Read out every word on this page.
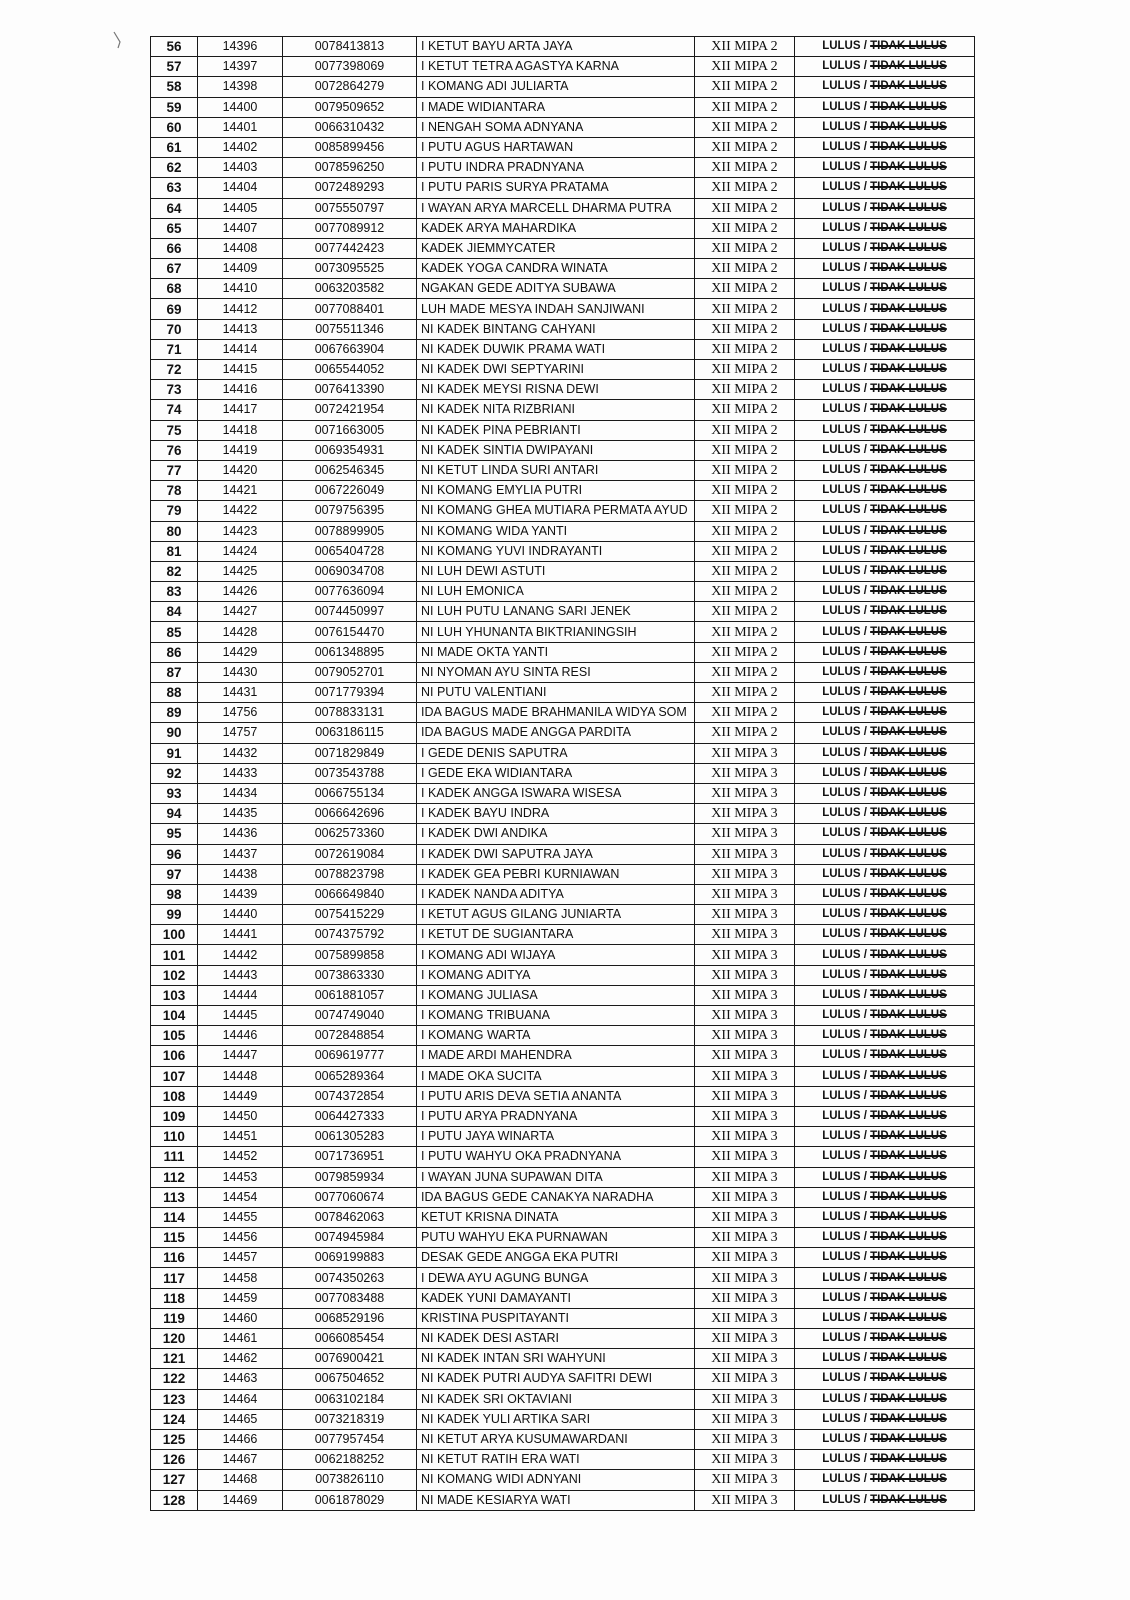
56	14396	0078413813	I KETUT BAYU ARTA JAYA	XII MIPA 2	LULUS / TIDAK LULUS
57	14397	0077398069	I KETUT TETRA AGASTYA KARNA	XII MIPA 2	LULUS / TIDAK LULUS
58	14398	0072864279	I KOMANG ADI JULIARTA	XII MIPA 2	LULUS / TIDAK LULUS
59	14400	0079509652	I MADE WIDIANTARA	XII MIPA 2	LULUS / TIDAK LULUS
60	14401	0066310432	I NENGAH SOMA ADNYANA	XII MIPA 2	LULUS / TIDAK LULUS
61	14402	0085899456	I PUTU AGUS HARTAWAN	XII MIPA 2	LULUS / TIDAK LULUS
62	14403	0078596250	I PUTU INDRA PRADNYANA	XII MIPA 2	LULUS / TIDAK LULUS
63	14404	0072489293	I PUTU PARIS SURYA PRATAMA	XII MIPA 2	LULUS / TIDAK LULUS
64	14405	0075550797	I WAYAN ARYA MARCELL DHARMA PUTRA	XII MIPA 2	LULUS / TIDAK LULUS
65	14407	0077089912	KADEK ARYA MAHARDIKA	XII MIPA 2	LULUS / TIDAK LULUS
66	14408	0077442423	KADEK JIEMMYCATER	XII MIPA 2	LULUS / TIDAK LULUS
67	14409	0073095525	KADEK YOGA CANDRA WINATA	XII MIPA 2	LULUS / TIDAK LULUS
68	14410	0063203582	NGAKAN GEDE ADITYA SUBAWA	XII MIPA 2	LULUS / TIDAK LULUS
69	14412	0077088401	LUH MADE MESYA INDAH SANJIWANI	XII MIPA 2	LULUS / TIDAK LULUS
70	14413	0075511346	NI KADEK BINTANG CAHYANI	XII MIPA 2	LULUS / TIDAK LULUS
71	14414	0067663904	NI KADEK DUWIK PRAMA WATI	XII MIPA 2	LULUS / TIDAK LULUS
72	14415	0065544052	NI KADEK DWI SEPTYARINI	XII MIPA 2	LULUS / TIDAK LULUS
73	14416	0076413390	NI KADEK MEYSI RISNA DEWI	XII MIPA 2	LULUS / TIDAK LULUS
74	14417	0072421954	NI KADEK NITA RIZBRIANI	XII MIPA 2	LULUS / TIDAK LULUS
75	14418	0071663005	NI KADEK PINA PEBRIANTI	XII MIPA 2	LULUS / TIDAK LULUS
76	14419	0069354931	NI KADEK SINTIA DWIPAYANI	XII MIPA 2	LULUS / TIDAK LULUS
77	14420	0062546345	NI KETUT LINDA SURI ANTARI	XII MIPA 2	LULUS / TIDAK LULUS
78	14421	0067226049	NI KOMANG EMYLIA PUTRI	XII MIPA 2	LULUS / TIDAK LULUS
79	14422	0079756395	NI KOMANG GHEA MUTIARA PERMATA AYUD	XII MIPA 2	LULUS / TIDAK LULUS
80	14423	0078899905	NI KOMANG WIDA YANTI	XII MIPA 2	LULUS / TIDAK LULUS
81	14424	0065404728	NI KOMANG YUVI INDRAYANTI	XII MIPA 2	LULUS / TIDAK LULUS
82	14425	0069034708	NI LUH DEWI ASTUTI	XII MIPA 2	LULUS / TIDAK LULUS
83	14426	0077636094	NI LUH EMONICA	XII MIPA 2	LULUS / TIDAK LULUS
84	14427	0074450997	NI LUH PUTU LANANG SARI JENEK	XII MIPA 2	LULUS / TIDAK LULUS
85	14428	0076154470	NI LUH YHUNANTA BIKTRIANINGSIH	XII MIPA 2	LULUS / TIDAK LULUS
86	14429	0061348895	NI MADE OKTA YANTI	XII MIPA 2	LULUS / TIDAK LULUS
87	14430	0079052701	NI NYOMAN AYU SINTA RESI	XII MIPA 2	LULUS / TIDAK LULUS
88	14431	0071779394	NI PUTU VALENTIANI	XII MIPA 2	LULUS / TIDAK LULUS
89	14756	0078833131	IDA BAGUS MADE BRAHMANILA WIDYA SOM	XII MIPA 2	LULUS / TIDAK LULUS
90	14757	0063186115	IDA BAGUS MADE ANGGA PARDITA	XII MIPA 2	LULUS / TIDAK LULUS
91	14432	0071829849	I GEDE DENIS SAPUTRA	XII MIPA 3	LULUS / TIDAK LULUS
92	14433	0073543788	I GEDE EKA WIDIANTARA	XII MIPA 3	LULUS / TIDAK LULUS
93	14434	0066755134	I KADEK ANGGA ISWARA WISESA	XII MIPA 3	LULUS / TIDAK LULUS
94	14435	0066642696	I KADEK BAYU INDRA	XII MIPA 3	LULUS / TIDAK LULUS
95	14436	0062573360	I KADEK DWI ANDIKA	XII MIPA 3	LULUS / TIDAK LULUS
96	14437	0072619084	I KADEK DWI SAPUTRA JAYA	XII MIPA 3	LULUS / TIDAK LULUS
97	14438	0078823798	I KADEK GEA PEBRI KURNIAWAN	XII MIPA 3	LULUS / TIDAK LULUS
98	14439	0066649840	I KADEK NANDA ADITYA	XII MIPA 3	LULUS / TIDAK LULUS
99	14440	0075415229	I KETUT AGUS GILANG JUNIARTA	XII MIPA 3	LULUS / TIDAK LULUS
100	14441	0074375792	I KETUT DE SUGIANTARA	XII MIPA 3	LULUS / TIDAK LULUS
101	14442	0075899858	I KOMANG ADI WIJAYA	XII MIPA 3	LULUS / TIDAK LULUS
102	14443	0073863330	I KOMANG ADITYA	XII MIPA 3	LULUS / TIDAK LULUS
103	14444	0061881057	I KOMANG JULIASA	XII MIPA 3	LULUS / TIDAK LULUS
104	14445	0074749040	I KOMANG TRIBUANA	XII MIPA 3	LULUS / TIDAK LULUS
105	14446	0072848854	I KOMANG WARTA	XII MIPA 3	LULUS / TIDAK LULUS
106	14447	0069619777	I MADE ARDI MAHENDRA	XII MIPA 3	LULUS / TIDAK LULUS
107	14448	0065289364	I MADE OKA SUCITA	XII MIPA 3	LULUS / TIDAK LULUS
108	14449	0074372854	I PUTU ARIS DEVA SETIA ANANTA	XII MIPA 3	LULUS / TIDAK LULUS
109	14450	0064427333	I PUTU ARYA PRADNYANA	XII MIPA 3	LULUS / TIDAK LULUS
110	14451	0061305283	I PUTU JAYA WINARTA	XII MIPA 3	LULUS / TIDAK LULUS
111	14452	0071736951	I PUTU WAHYU OKA PRADNYANA	XII MIPA 3	LULUS / TIDAK LULUS
112	14453	0079859934	I WAYAN JUNA SUPAWAN DITA	XII MIPA 3	LULUS / TIDAK LULUS
113	14454	0077060674	IDA BAGUS GEDE CANAKYA NARADHA	XII MIPA 3	LULUS / TIDAK LULUS
114	14455	0078462063	KETUT KRISNA DINATA	XII MIPA 3	LULUS / TIDAK LULUS
115	14456	0074945984	PUTU WAHYU EKA PURNAWAN	XII MIPA 3	LULUS / TIDAK LULUS
116	14457	0069199883	DESAK GEDE ANGGA EKA PUTRI	XII MIPA 3	LULUS / TIDAK LULUS
117	14458	0074350263	I DEWA AYU AGUNG BUNGA	XII MIPA 3	LULUS / TIDAK LULUS
118	14459	0077083488	KADEK YUNI DAMAYANTI	XII MIPA 3	LULUS / TIDAK LULUS
119	14460	0068529196	KRISTINA PUSPITAYANTI	XII MIPA 3	LULUS / TIDAK LULUS
120	14461	0066085454	NI KADEK DESI ASTARI	XII MIPA 3	LULUS / TIDAK LULUS
121	14462	0076900421	NI KADEK INTAN SRI WAHYUNI	XII MIPA 3	LULUS / TIDAK LULUS
122	14463	0067504652	NI KADEK PUTRI AUDYA SAFITRI DEWI	XII MIPA 3	LULUS / TIDAK LULUS
123	14464	0063102184	NI KADEK SRI OKTAVIANI	XII MIPA 3	LULUS / TIDAK LULUS
124	14465	0073218319	NI KADEK YULI ARTIKA SARI	XII MIPA 3	LULUS / TIDAK LULUS
125	14466	0077957454	NI KETUT ARYA KUSUMAWARDANI	XII MIPA 3	LULUS / TIDAK LULUS
126	14467	0062188252	NI KETUT RATIH ERA WATI	XII MIPA 3	LULUS / TIDAK LULUS
127	14468	0073826110	NI KOMANG WIDI ADNYANI	XII MIPA 3	LULUS / TIDAK LULUS
128	14469	0061878029	NI MADE KESIARYA WATI	XII MIPA 3	LULUS / TIDAK LULUS
